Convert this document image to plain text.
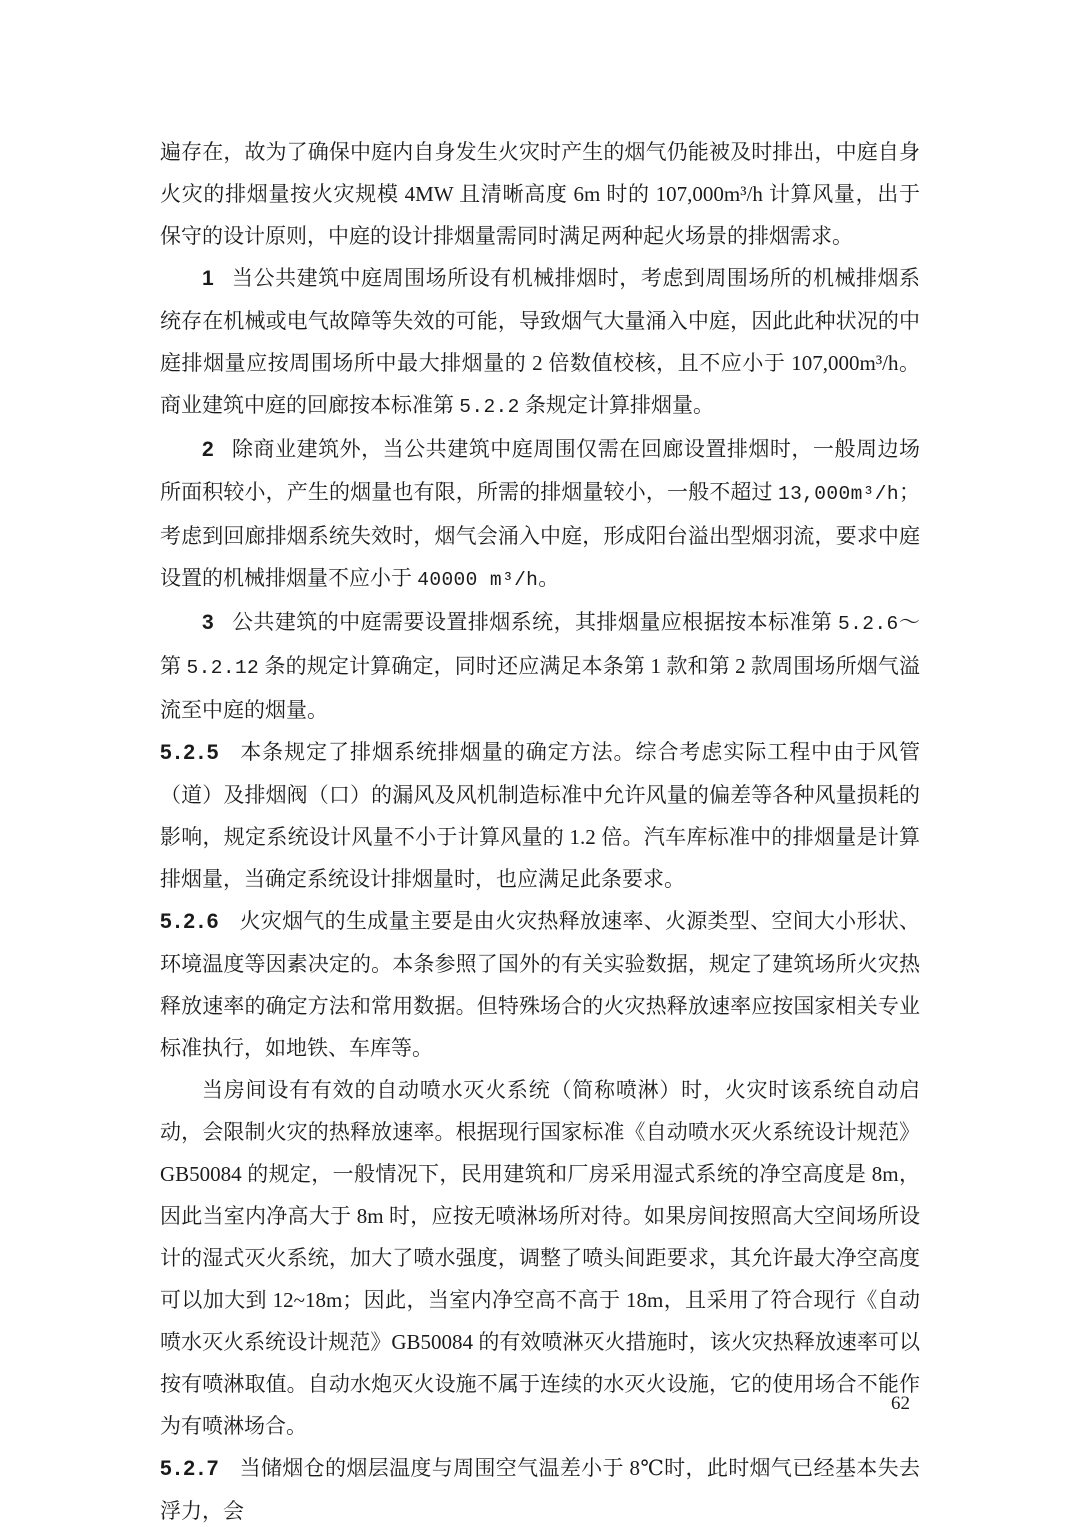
遍存在，故为了确保中庭内自身发生火灾时产生的烟气仍能被及时排出，中庭自身火灾的排烟量按火灾规模 4MW 且清晰高度 6m 时的 107,000m³/h 计算风量，出于保守的设计原则，中庭的设计排烟量需同时满足两种起火场景的排烟需求。

1 当公共建筑中庭周围场所设有机械排烟时，考虑到周围场所的机械排烟系统存在机械或电气故障等失效的可能，导致烟气大量涌入中庭，因此此种状况的中庭排烟量应按周围场所中最大排烟量的 2 倍数值校核，且不应小于 107,000m³/h。商业建筑中庭的回廊按本标准第 5.2.2 条规定计算排烟量。

2 除商业建筑外，当公共建筑中庭周围仅需在回廊设置排烟时，一般周边场所面积较小，产生的烟量也有限，所需的排烟量较小，一般不超过 13,000m³/h；考虑到回廊排烟系统失效时，烟气会涌入中庭，形成阳台溢出型烟羽流，要求中庭设置的机械排烟量不应小于 40000 m³/h。

3 公共建筑的中庭需要设置排烟系统，其排烟量应根据按本标准第 5.2.6～第 5.2.12 条的规定计算确定，同时还应满足本条第 1 款和第 2 款周围场所烟气溢流至中庭的烟量。

5.2.5 本条规定了排烟系统排烟量的确定方法。综合考虑实际工程中由于风管（道）及排烟阀（口）的漏风及风机制造标准中允许风量的偏差等各种风量损耗的影响，规定系统设计风量不小于计算风量的 1.2 倍。汽车库标准中的排烟量是计算排烟量，当确定系统设计排烟量时，也应满足此条要求。

5.2.6 火灾烟气的生成量主要是由火灾热释放速率、火源类型、空间大小形状、环境温度等因素决定的。本条参照了国外的有关实验数据，规定了建筑场所火灾热释放速率的确定方法和常用数据。但特殊场合的火灾热释放速率应按国家相关专业标准执行，如地铁、车库等。

当房间设有有效的自动喷水灭火系统（简称喷淋）时，火灾时该系统自动启动，会限制火灾的热释放速率。根据现行国家标准《自动喷水灭火系统设计规范》GB50084 的规定，一般情况下，民用建筑和厂房采用湿式系统的净空高度是 8m，因此当室内净高大于 8m 时，应按无喷淋场所对待。如果房间按照高大空间场所设计的湿式灭火系统，加大了喷水强度，调整了喷头间距要求，其允许最大净空高度可以加大到 12~18m；因此，当室内净空高不高于 18m，且采用了符合现行《自动喷水灭火系统设计规范》GB50084 的有效喷淋灭火措施时，该火灾热释放速率可以按有喷淋取值。自动水炮灭火设施不属于连续的水灭火设施，它的使用场合不能作为有喷淋场合。

5.2.7 当储烟仓的烟层温度与周围空气温差小于 8℃时，此时烟气已经基本失去浮力，会

62
